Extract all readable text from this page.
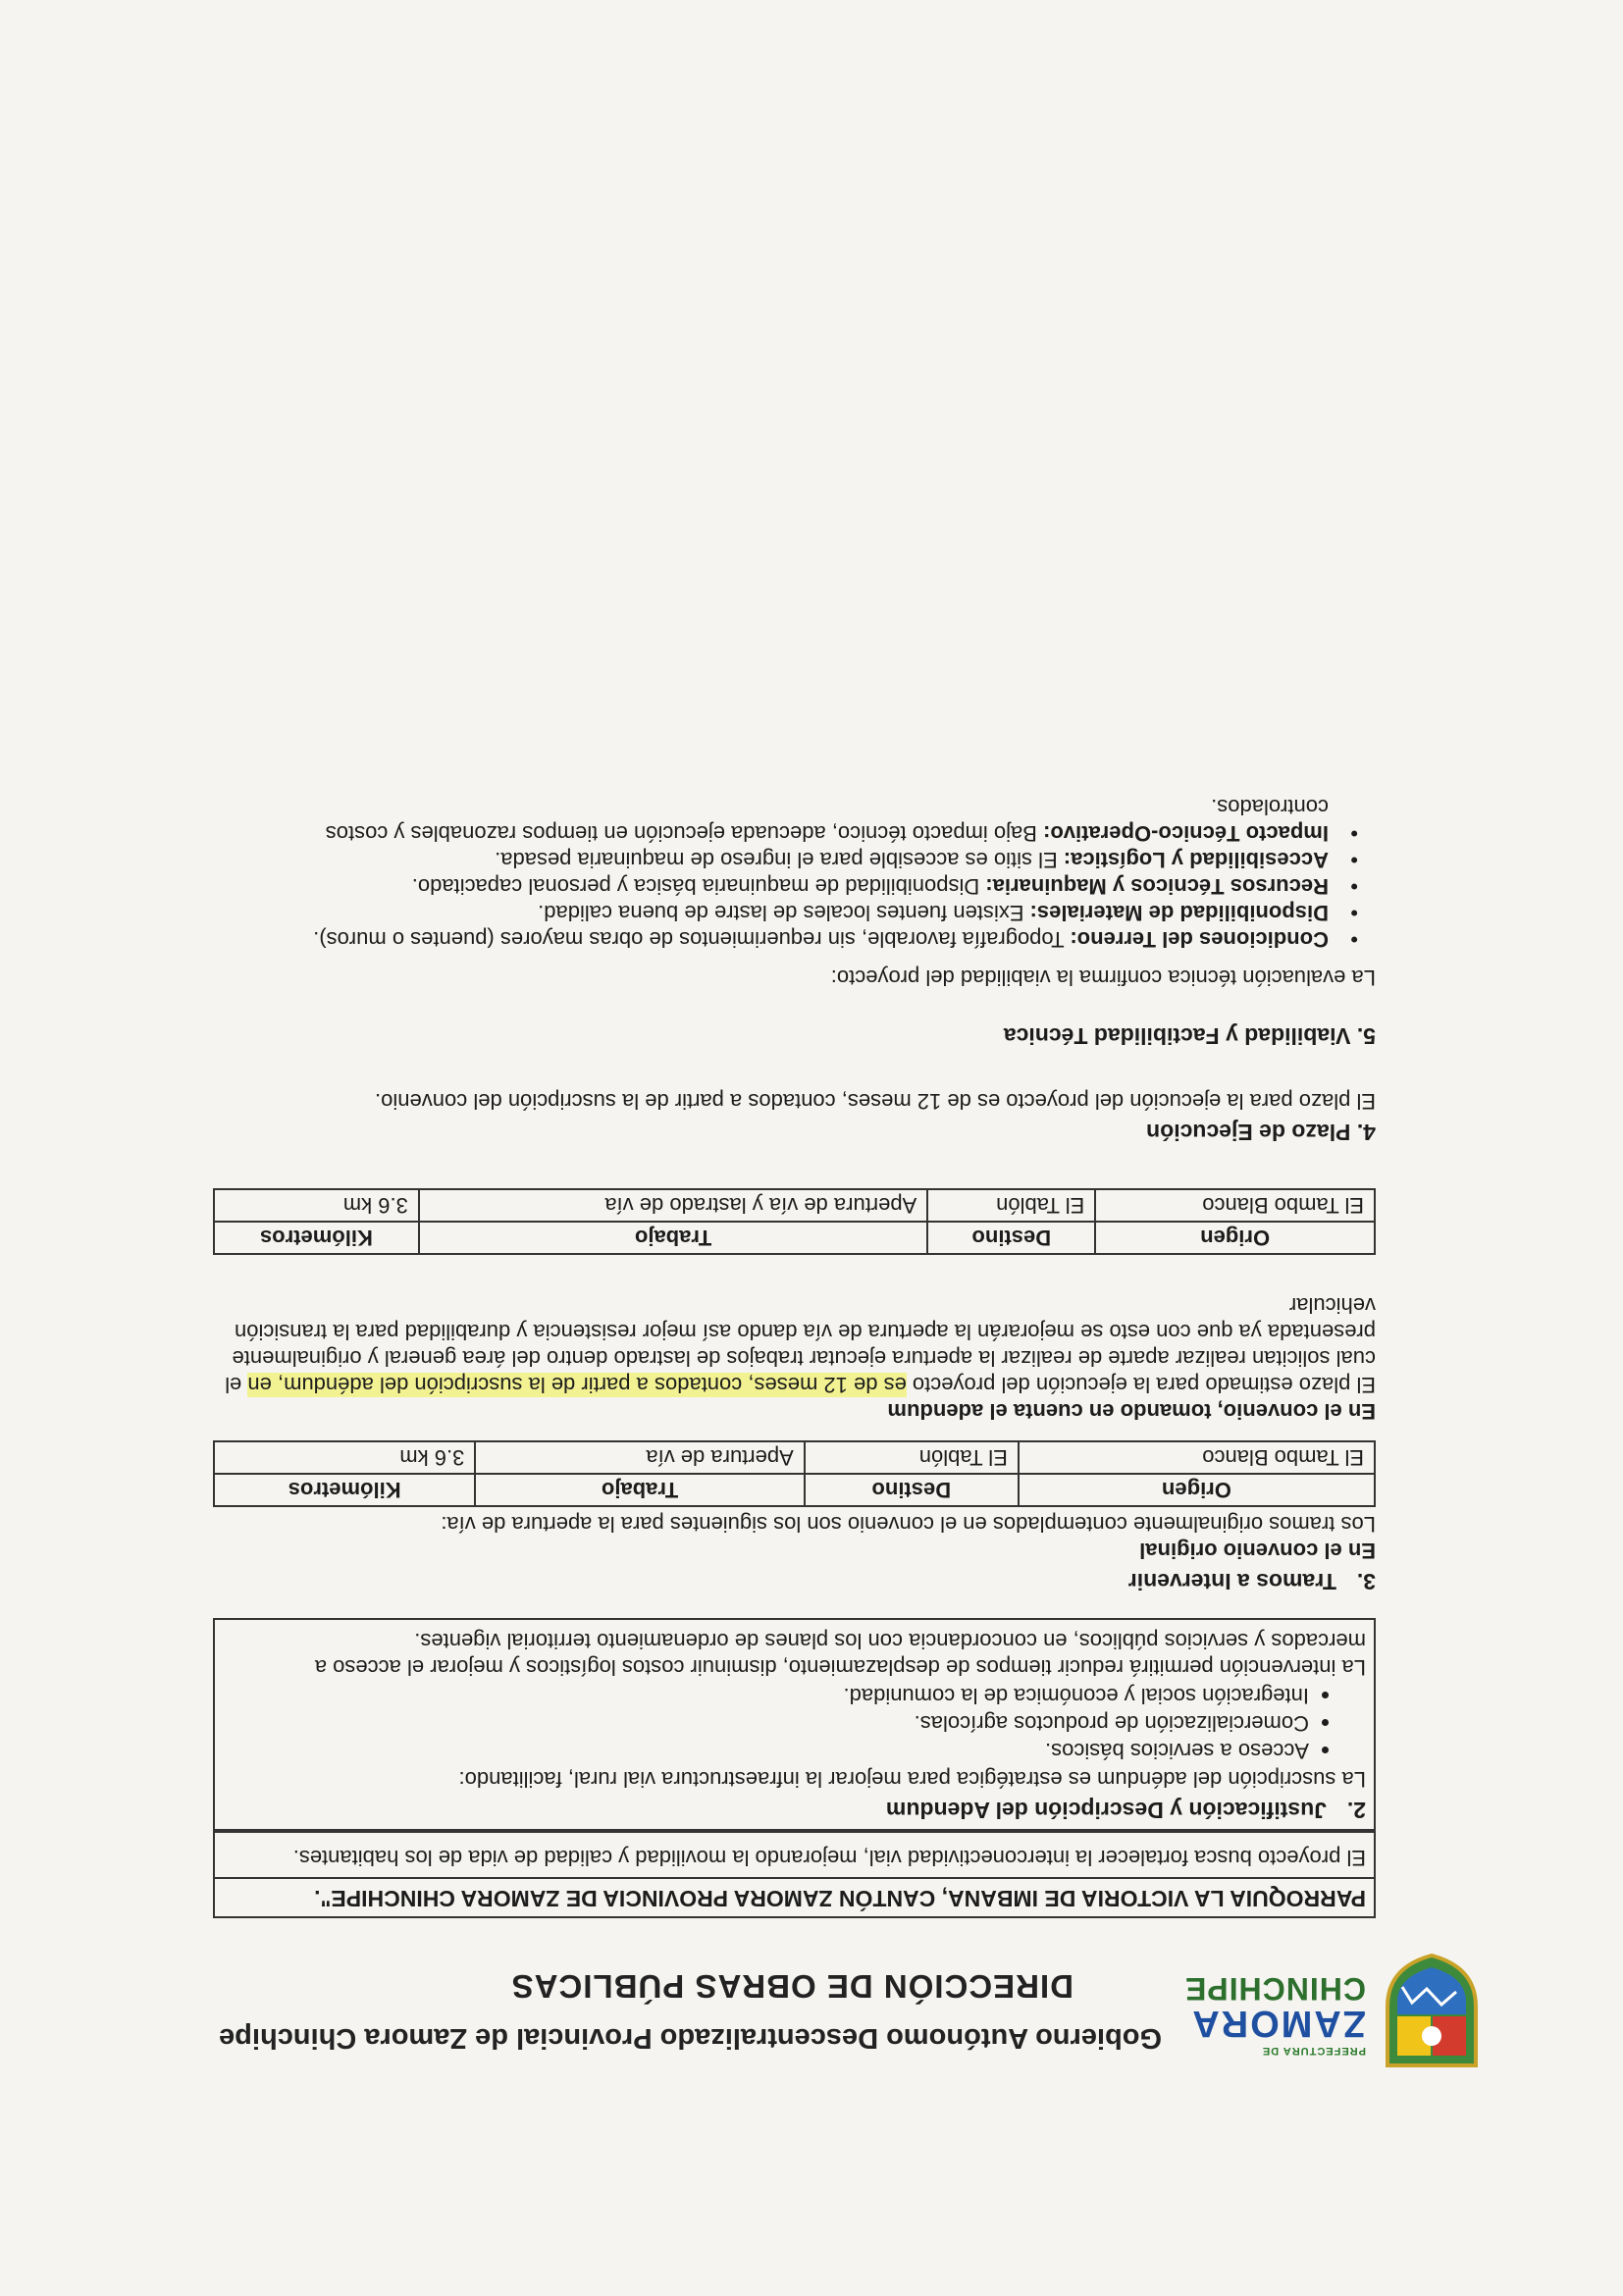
PREFECTURA DE
ZAMORA
CHINCHIPE
Gobierno Autónomo Descentralizado Provincial de Zamora Chinchipe
DIRECCIÓN DE OBRAS PÚBLICAS
PARROQUIA LA VICTORIA DE IMBANA, CANTÓN ZAMORA PROVINCIA DE ZAMORA CHINCHIPE".

El proyecto busca fortalecer la interconectividad vial, mejorando la movilidad y calidad de vida de los habitantes.

2.Justificación y Descripción del Adendum

La suscripción del adéndum es estratégica para mejorar la infraestructura vial rural, facilitando:

• Acceso a servicios básicos.
• Comercialización de productos agrícolas.
• Integración social y económica de la comunidad.

La intervención permitirá reducir tiempos de desplazamiento, disminuir costos logísticos y mejorar el acceso a mercados y servicios públicos, en concordancia con los planes de ordenamiento territorial vigentes.

3.Tramos a Intervenir
En el convenio original

Los tramos originalmente contemplados en el convenio son los siguientes para la apertura de vía:

Origen	Destino	Trabajo	Kilómetros
El Tambo Blanco	El Tablón	Apertura de vía	3.6 km
En el convenio, tomando en cuenta el adendum

El plazo estimado para la ejecución del proyecto es de 12 meses, contados a partir de la suscripción del adéndum, en el cual solicitan realizar aparte de realizar la apertura ejecutar trabajos de lastrado dentro del área general y originalmente presentada ya que con esto se mejorarán la apertura de vía dando así mejor resistencia y durabilidad para la transición vehicular

Origen	Destino	Trabajo	Kilómetros
El Tambo Blanco	El Tablón	Apertura de vía y lastrado de vía	3.6 km
4. Plazo de Ejecución

El plazo para la ejecución del proyecto es de 12 meses, contados a partir de la suscripción del convenio.

5. Viabilidad y Factibilidad Técnica

La evaluación técnica confirma la viabilidad del proyecto:

• Condiciones del Terreno: Topografía favorable, sin requerimientos de obras mayores (puentes o muros).
• Disponibilidad de Materiales: Existen fuentes locales de lastre de buena calidad.
• Recursos Técnicos y Maquinaria: Disponibilidad de maquinaria básica y personal capacitado.
• Accesibilidad y Logística: El sitio es accesible para el ingreso de maquinaria pesada.
• Impacto Técnico-Operativo: Bajo impacto técnico, adecuada ejecución en tiempos razonables y costos controlados.
